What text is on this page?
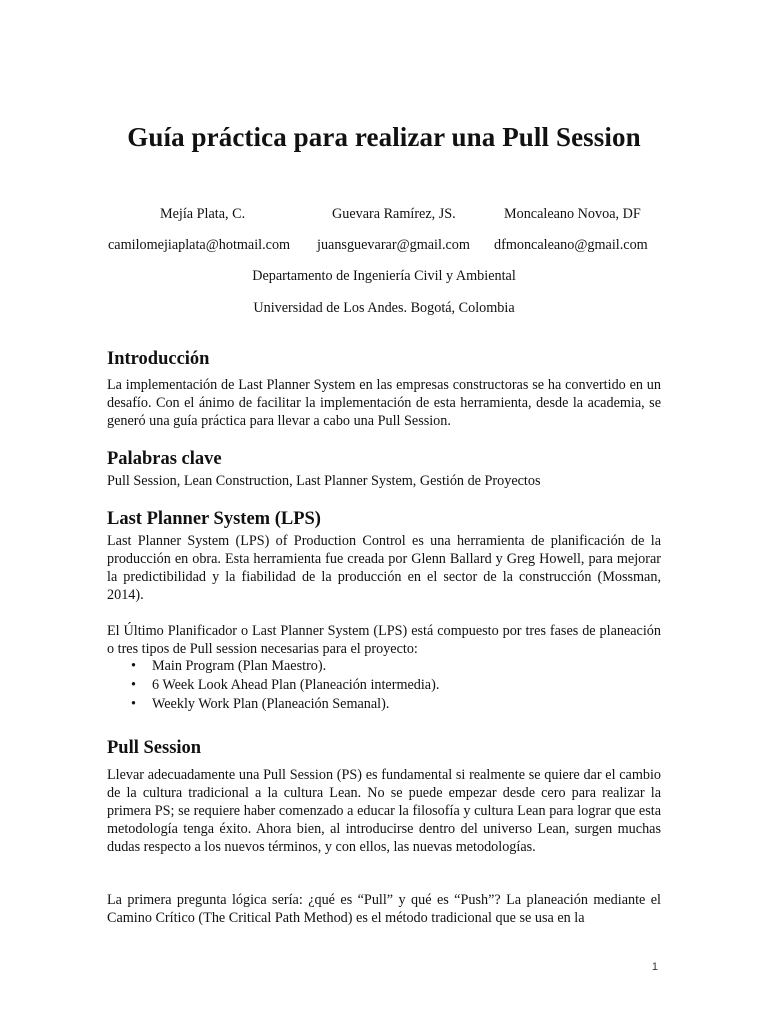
Guía práctica para realizar una Pull Session
Mejía Plata, C.	Guevara Ramírez, JS.	Moncaleano Novoa, DF
camilomejiaplata@hotmail.com juansguevarar@gmail.com dfmoncaleano@gmail.com
Departamento de Ingeniería Civil y Ambiental
Universidad de Los Andes. Bogotá, Colombia
Introducción

La implementación de Last Planner System en las empresas constructoras se ha convertido en un desafío. Con el ánimo de facilitar la implementación de esta herramienta, desde la academia, se generó una guía práctica para llevar a cabo una Pull Session.

Palabras clave

Pull Session, Lean Construction, Last Planner System, Gestión de Proyectos

Last Planner System (LPS)

Last Planner System (LPS) of Production Control es una herramienta de planificación de la producción en obra. Esta herramienta fue creada por Glenn Ballard y Greg Howell, para mejorar la predictibilidad y la fiabilidad de la producción en el sector de la construcción (Mossman, 2014).

El Último Planificador o Last Planner System (LPS) está compuesto por tres fases de planeación o tres tipos de Pull session necesarias para el proyecto:

• Main Program (Plan Maestro).
• 6 Week Look Ahead Plan (Planeación intermedia).
• Weekly Work Plan (Planeación Semanal).
Pull Session

Llevar adecuadamente una Pull Session (PS) es fundamental si realmente se quiere dar el cambio de la cultura tradicional a la cultura Lean. No se puede empezar desde cero para realizar la primera PS; se requiere haber comenzado a educar la filosofía y cultura Lean para lograr que esta metodología tenga éxito. Ahora bien, al introducirse dentro del universo Lean, surgen muchas dudas respecto a los nuevos términos, y con ellos, las nuevas metodologías.

La primera pregunta lógica sería: ¿qué es “Pull” y qué es “Push”? La planeación mediante el Camino Crítico (The Critical Path Method) es el método tradicional que se usa en la

1
